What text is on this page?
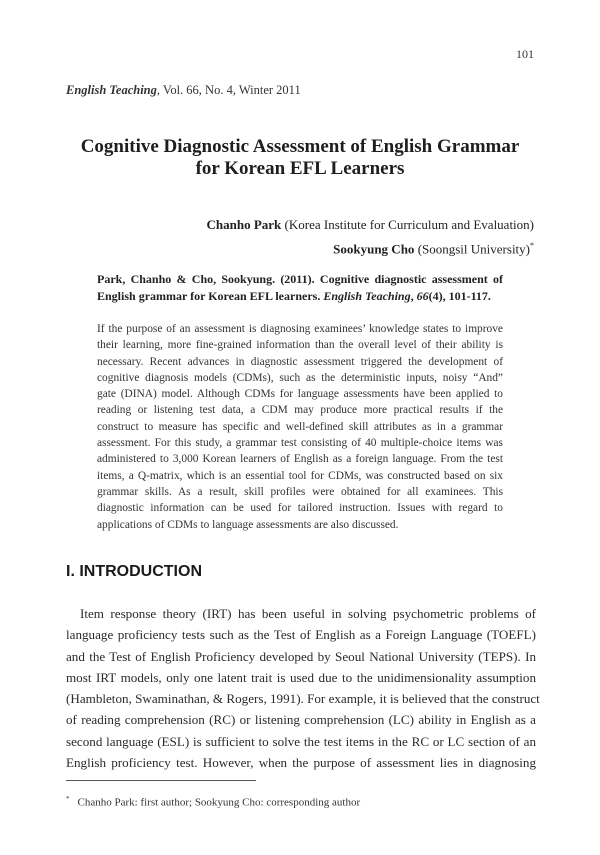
101
English Teaching, Vol. 66, No. 4, Winter 2011
Cognitive Diagnostic Assessment of English Grammar
for Korean EFL Learners
Chanho Park (Korea Institute for Curriculum and Evaluation)
Sookyung Cho (Soongsil University)*
Park, Chanho & Cho, Sookyung. (2011). Cognitive diagnostic assessment of
English grammar for Korean EFL learners. English Teaching, 66(4), 101-117.
If the purpose of an assessment is diagnosing examinees’ knowledge states to improve
their learning, more fine-grained information than the overall level of their ability is
necessary. Recent advances in diagnostic assessment triggered the development of
cognitive diagnosis models (CDMs), such as the deterministic inputs, noisy “And”
gate (DINA) model. Although CDMs for language assessments have been applied to
reading or listening test data, a CDM may produce more practical results if the
construct to measure has specific and well-defined skill attributes as in a grammar
assessment. For this study, a grammar test consisting of 40 multiple-choice items was
administered to 3,000 Korean learners of English as a foreign language. From the test
items, a Q-matrix, which is an essential tool for CDMs, was constructed based on six
grammar skills. As a result, skill profiles were obtained for all examinees. This
diagnostic information can be used for tailored instruction. Issues with regard to
applications of CDMs to language assessments are also discussed.
I. INTRODUCTION
Item response theory (IRT) has been useful in solving psychometric problems of
language proficiency tests such as the Test of English as a Foreign Language (TOEFL)
and the Test of English Proficiency developed by Seoul National University (TEPS). In
most IRT models, only one latent trait is used due to the unidimensionality assumption
(Hambleton, Swaminathan, & Rogers, 1991). For example, it is believed that the construct
of reading comprehension (RC) or listening comprehension (LC) ability in English as a
second language (ESL) is sufficient to solve the test items in the RC or LC section of an
English proficiency test. However, when the purpose of assessment lies in diagnosing
* Chanho Park: first author; Sookyung Cho: corresponding author
